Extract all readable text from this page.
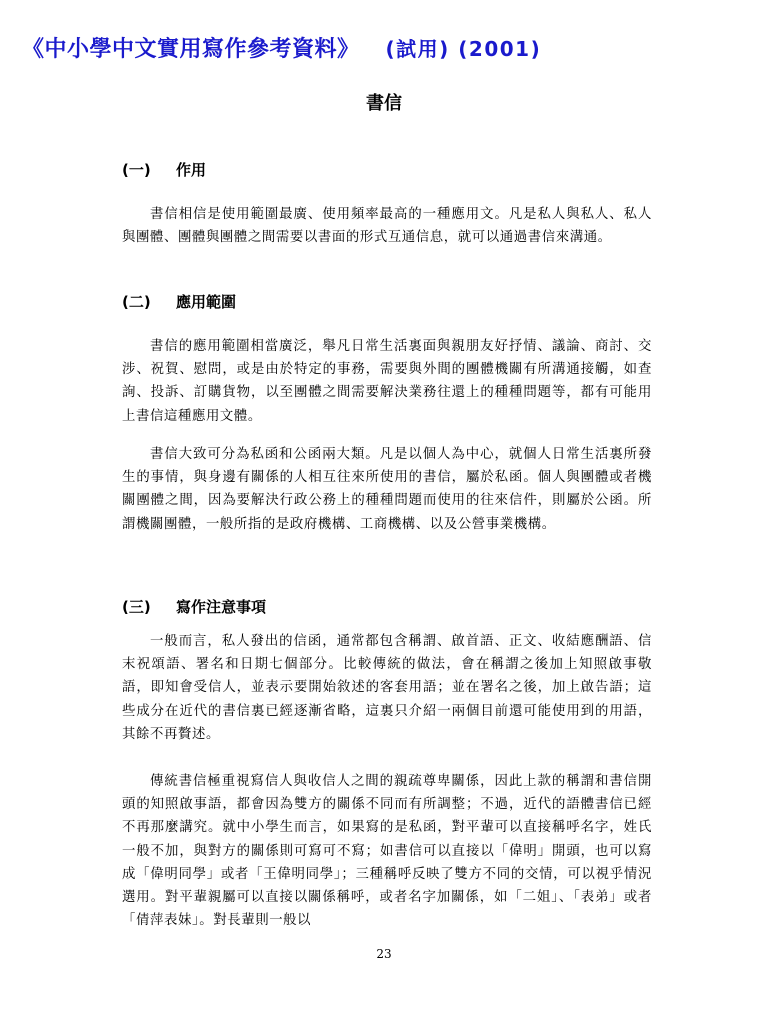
《中小學中文實用寫作參考資料》 (試用) (2001)
書信
(一) 作用
書信相信是使用範圍最廣、使用頻率最高的一種應用文。凡是私人與私人、私人與團體、團體與團體之間需要以書面的形式互通信息，就可以通過書信來溝通。
(二) 應用範圍
書信的應用範圍相當廣泛，舉凡日常生活裏面與親朋友好抒情、議論、商討、交涉、祝賀、慰問，或是由於特定的事務，需要與外間的團體機關有所溝通接觸，如查詢、投訴、訂購貨物，以至團體之間需要解決業務往還上的種種問題等，都有可能用上書信這種應用文體。
書信大致可分為私函和公函兩大類。凡是以個人為中心，就個人日常生活裏所發生的事情，與身邊有關係的人相互往來所使用的書信，屬於私函。個人與團體或者機關團體之間，因為要解決行政公務上的種種問題而使用的往來信件，則屬於公函。所謂機關團體，一般所指的是政府機構、工商機構、以及公營事業機構。
(三) 寫作注意事項
一般而言，私人發出的信函，通常都包含稱謂、啟首語、正文、收結應酬語、信末祝頌語、署名和日期七個部分。比較傳統的做法，會在稱謂之後加上知照啟事敬語，即知會受信人，並表示要開始敘述的客套用語；並在署名之後，加上啟告語；這些成分在近代的書信裏已經逐漸省略，這裏只介紹一兩個目前還可能使用到的用語，其餘不再贅述。
傳統書信極重視寫信人與收信人之間的親疏尊卑關係，因此上款的稱謂和書信開頭的知照啟事語，都會因為雙方的關係不同而有所調整；不過，近代的語體書信已經不再那麼講究。就中小學生而言，如果寫的是私函，對平輩可以直接稱呼名字，姓氏一般不加，與對方的關係則可寫可不寫；如書信可以直接以「偉明」開頭，也可以寫成「偉明同學」或者「王偉明同學」；三種稱呼反映了雙方不同的交情，可以視乎情況選用。對平輩親屬可以直接以關係稱呼，或者名字加關係，如「二姐」、「表弟」或者「倩萍表妹」。對長輩則一般以
23
